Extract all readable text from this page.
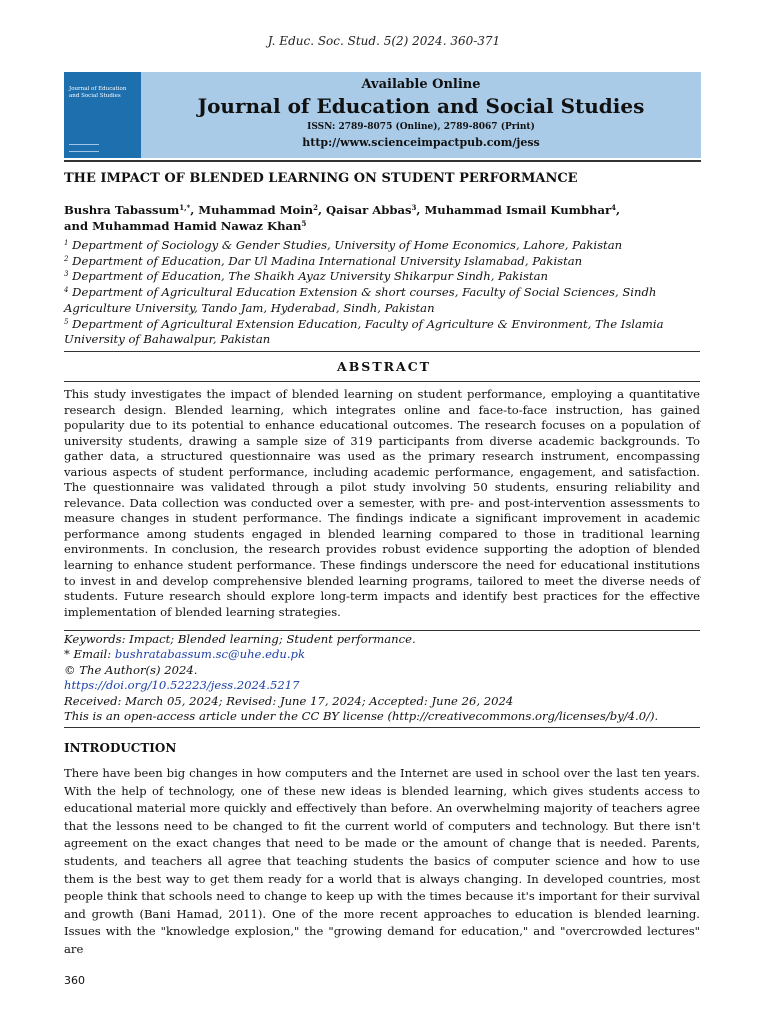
J. Educ. Soc. Stud. 5(2) 2024. 360-371
Journal of Education and Social Studies
Available Online
Journal of Education and Social Studies
ISSN: 2789-8075 (Online), 2789-8067 (Print)
http://www.scienceimpactpub.com/jess
THE IMPACT OF BLENDED LEARNING ON STUDENT PERFORMANCE
Bushra Tabassum$^{1,*}$, Muhammad Moin$^2$, Qaisar Abbas$^3$, Muhammad Ismail Kumbhar$^4$,
and Muhammad Hamid Nawaz Khan$^5$
$^1$ Department of Sociology & Gender Studies, University of Home Economics, Lahore, Pakistan
$^2$ Department of Education, Dar Ul Madina International University Islamabad, Pakistan
$^3$ Department of Education, The Shaikh Ayaz University Shikarpur Sindh, Pakistan
$^4$ Department of Agricultural Education Extension & short courses, Faculty of Social Sciences, Sindh Agriculture University, Tando Jam, Hyderabad, Sindh, Pakistan
$^5$ Department of Agricultural Extension Education, Faculty of Agriculture & Environment, The Islamia University of Bahawalpur, Pakistan
ABSTRACT
This study investigates the impact of blended learning on student performance, employing a quantitative research design. Blended learning, which integrates online and face-to-face instruction, has gained popularity due to its potential to enhance educational outcomes. The research focuses on a population of university students, drawing a sample size of 319 participants from diverse academic backgrounds. To gather data, a structured questionnaire was used as the primary research instrument, encompassing various aspects of student performance, including academic performance, engagement, and satisfaction. The questionnaire was validated through a pilot study involving 50 students, ensuring reliability and relevance. Data collection was conducted over a semester, with pre- and post-intervention assessments to measure changes in student performance. The findings indicate a significant improvement in academic performance among students engaged in blended learning compared to those in traditional learning environments. In conclusion, the research provides robust evidence supporting the adoption of blended learning to enhance student performance. These findings underscore the need for educational institutions to invest in and develop comprehensive blended learning programs, tailored to meet the diverse needs of students. Future research should explore long-term impacts and identify best practices for the effective implementation of blended learning strategies.
Keywords: Impact; Blended learning; Student performance.
* Email: bushratabassum.sc@uhe.edu.pk
© The Author(s) 2024.
https://doi.org/10.52223/jess.2024.5217
Received: March 05, 2024; Revised: June 17, 2024; Accepted: June 26, 2024
This is an open-access article under the CC BY license (http://creativecommons.org/licenses/by/4.0/).
INTRODUCTION
There have been big changes in how computers and the Internet are used in school over the last ten years. With the help of technology, one of these new ideas is blended learning, which gives students access to educational material more quickly and effectively than before. An overwhelming majority of teachers agree that the lessons need to be changed to fit the current world of computers and technology. But there isn't agreement on the exact changes that need to be made or the amount of change that is needed. Parents, students, and teachers all agree that teaching students the basics of computer science and how to use them is the best way to get them ready for a world that is always changing. In developed countries, most people think that schools need to change to keep up with the times because it's important for their survival and growth (Bani Hamad, 2011). One of the more recent approaches to education is blended learning. Issues with the "knowledge explosion," the "growing demand for education," and "overcrowded lectures" are
360
